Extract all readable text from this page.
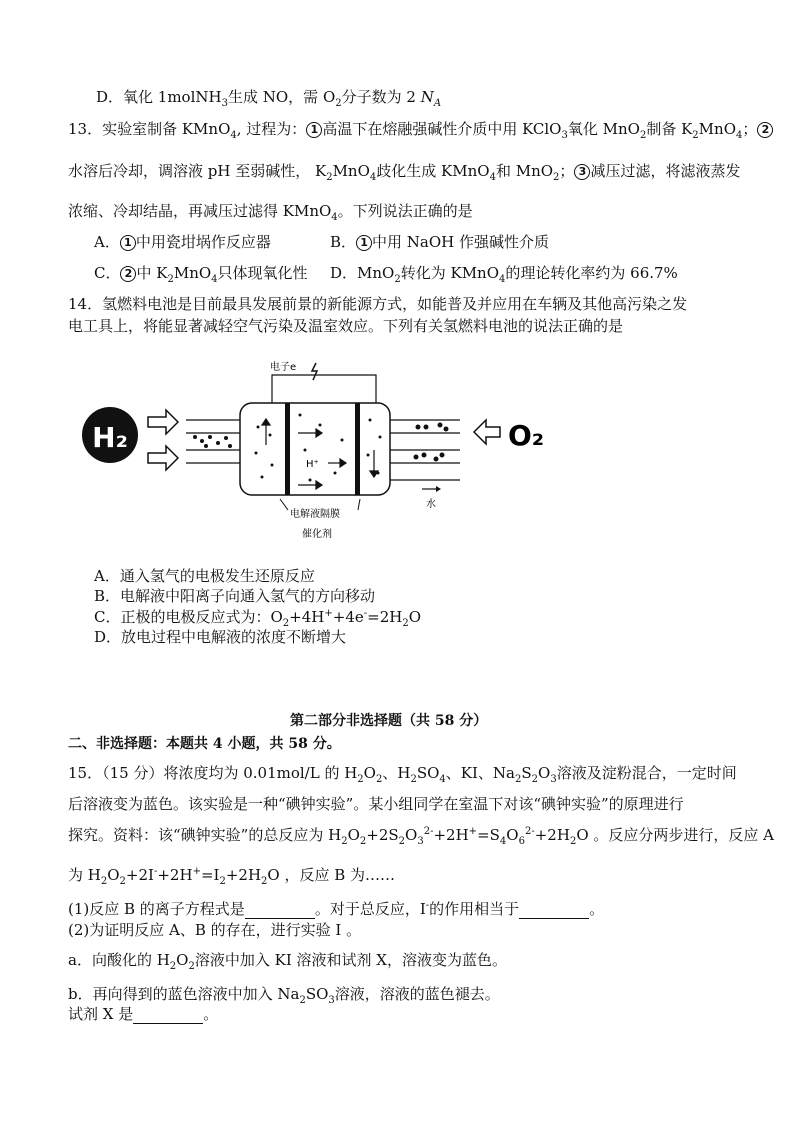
D．氧化 1molNH$_3$生成 NO，需 $O_2$分子数为 2 $N_A$
13．实验室制备 KMnO$_4$, 过程为： 1 高温下在熔融强碱性介质中用 KClO$_3$氧化 MnO$_2$制备 $K_2MnO_4$； 2
水溶后冷却，调溶液 pH 至弱碱性， $K_2MnO_4$歧化生成 KMnO$_4$和 MnO$_2$； 3 减压过滤，将滤液蒸发
浓缩、冷却结晶，再减压过滤得 KMnO$_4$。下列说法正确的是
A． 1 中用瓷坩埚作反应器	B． 1 中用 NaOH 作强碱性介质
C． 2 中 $K_2MnO_4$只体现氧化性 D．MnO$_2$转化为 KMnO$_4$的理论转化率约为 66.7%
14．氢燃料电池是目前最具发展前景的新能源方式，如能普及并应用在车辆及其他高污染之发
电工具上，将能显著减轻空气污染及温室效应。下列有关氢燃料电池的说法正确的是
H₂
电子e
H⁺
水
O₂
电解液隔膜
催化剂
A．通入氢气的电极发生还原反应
B．电解液中阳离子向通入氢气的方向移动
C．正极的电极反应式为：$O_2+4H^++4e^-=2H_2O$
D．放电过程中电解液的浓度不断增大
第二部分非选择题（共 58 分）
二、非选择题：本题共 4 小题，共 58 分。
15．（15 分）将浓度均为 0.01mol/L 的 $H_2O_2$、$H_2SO_4$、KI、$Na_2S_2O_3$溶液及淀粉混合，一定时间
后溶液变为蓝色。该实验是一种“碘钟实验”。某小组同学在室温下对该“碘钟实验”的原理进行
探究。资料：该“碘钟实验”的总反应为 $H_2O_2+2S_2O_3^{2-}+2H^+=S_4O_6^{2-}+2H_2O$ 。反应分两步进行，反应 A
为 $H_2O_2+2I^-+2H^+=I_2+2H_2O$ ，反应 B 为……
(1)反应 B 的离子方程式是	。对于总反应，I-的作用相当于	。
(2)为证明反应 A、B 的存在，进行实验 I 。
a．向酸化的 $H_2O_2$溶液中加入 KI 溶液和试剂 X，溶液变为蓝色。
b．再向得到的蓝色溶液中加入 $Na_2SO_3$溶液，溶液的蓝色褪去。
试剂 X 是	。
